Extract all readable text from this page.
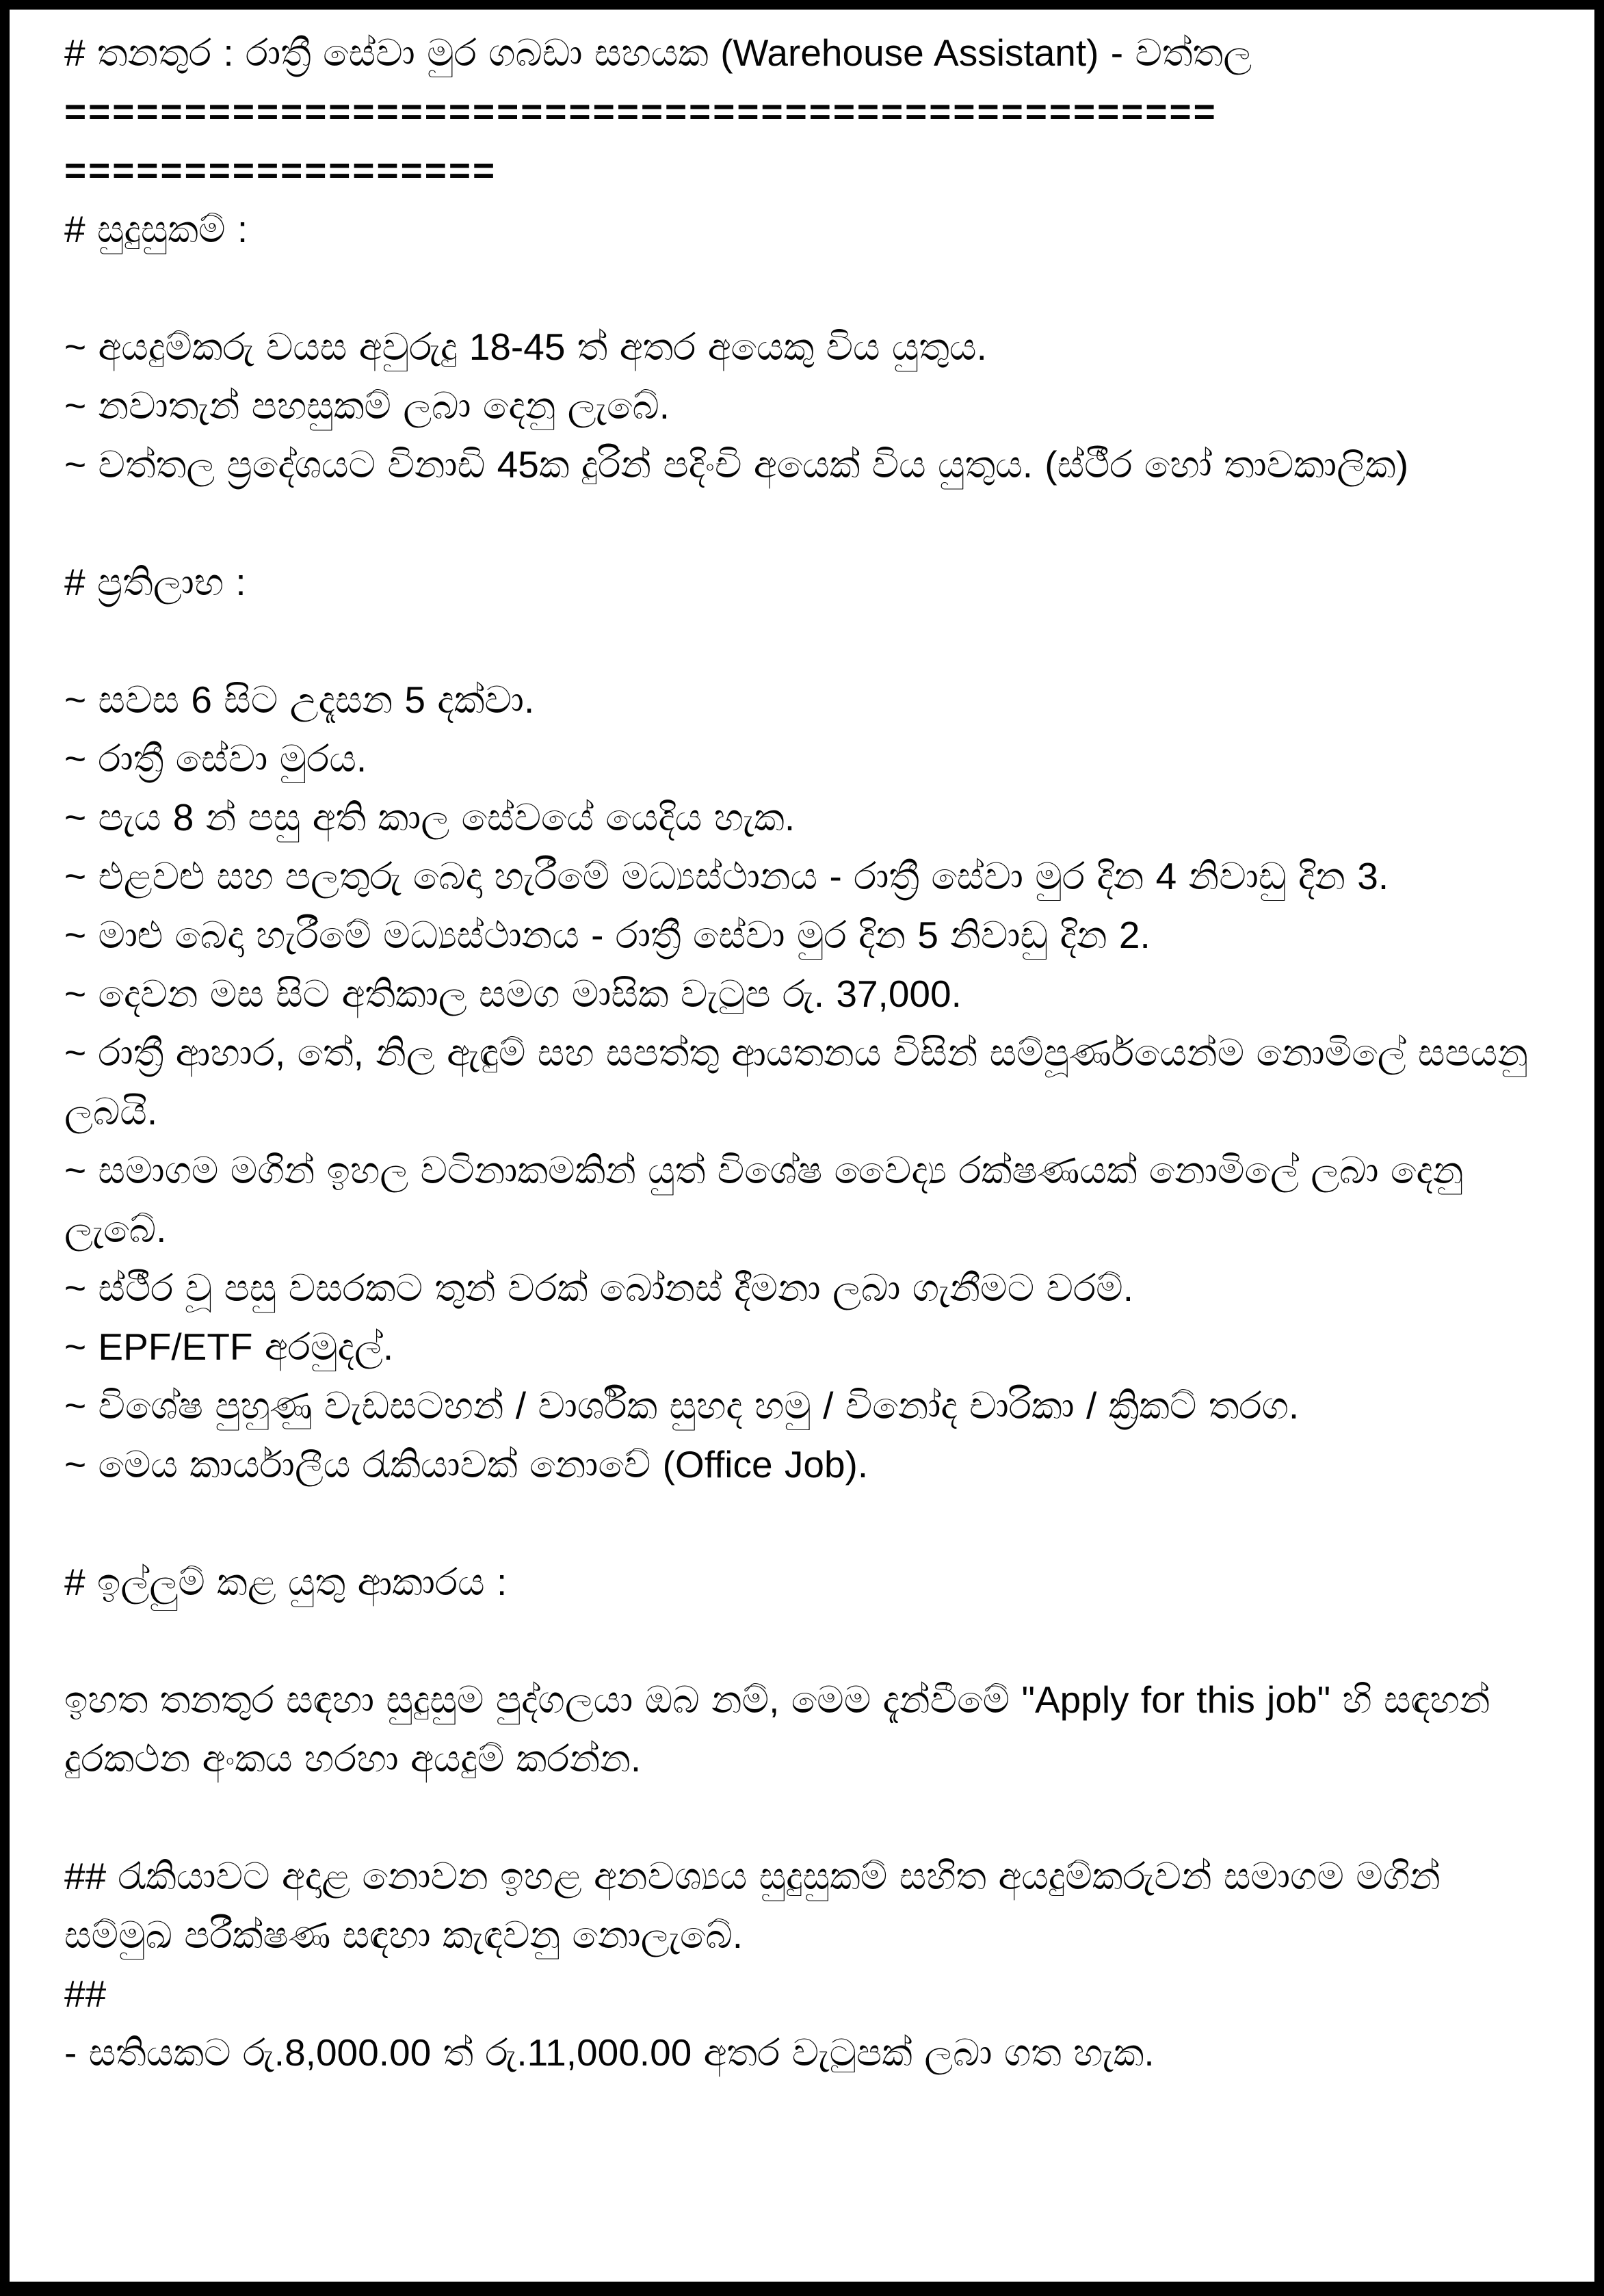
# තනතුර : රාත්‍රී සේවා මුර ගබඩා සහයක (Warehouse Assistant) - වත්තල

================================================

==================

# සුදුසුකම් :

~ අයදුම්කරු වයස අවුරුදු 18-45 ත් අතර අයෙකු විය යුතුය.

~ නවාතැන් පහසුකම් ලබා දෙනු ලැබේ.

~ වත්තල ප්‍රදේශයට විනාඩි 45ක දුරින් පදිංචි අයෙක් විය යුතුය. (ස්ථීර හෝ තාවකාලික)

# ප්‍රතිලාභ :

~ සවස 6 සිට උදෑසන 5 දක්වා.

~ රාත්‍රී සේවා මුරය.

~ පැය 8 න් පසු අති කාල සේවයේ යෙදිය හැක.

~ එළවළු සහ පලතුරු බෙදා හැරීමේ මධ්‍යස්ථානය - රාත්‍රී සේවා මුර දින 4 නිවාඩු දින 3.

~ මාළු බෙදා හැරීමේ මධ්‍යස්ථානය - රාත්‍රී සේවා මුර දින 5 නිවාඩු දින 2.

~ දෙවන මස සිට අතිකාල සමග මාසික වැටුප රු. 37,000.

~ රාත්‍රී ආහාර, තේ, නිල ඇඳුම් සහ සපත්තු ආයතනය විසින් සම්පූර්ණයෙන්ම නොමිලේ සපයනු ලබයි.

~ සමාගම මගින් ඉහල වටිනාකමකින් යුත් විශේෂ වෛද්‍ය රක්ෂණයක් නොමිලේ ලබා දෙනු ලැබේ.

~ ස්ථීර වූ පසු වසරකට තුන් වරක් බෝනස් දීමනා ලබා ගැනීමට වරම්.

~ EPF/ETF අරමුදල්.

~ විශේෂ පුහුණු වැඩසටහන් / වාර්ශික සුහද හමු / විනෝද චාරිකා / ක්‍රිකට් තරග.

~ මෙය කාර්යාලීය රැකියාවක් නොවේ (Office Job).

# ඉල්ලුම් කළ යුතු ආකාරය :

ඉහත තනතුර සඳහා සුදුසුම පුද්ගලයා ඔබ නම්, මෙම දැන්වීමේ "Apply for this job" හි සඳහන් දුරකථන අංකය හරහා අයදුම් කරන්න.

## රැකියාවට අදාළ නොවන ඉහළ අනවශ්‍යය සුදුසුකම් සහිත අයදුම්කරුවන් සමාගම මගින් සම්මුඛ පරීක්ෂණ සඳහා කැඳවනු නොලැබේ.

##

- සතියකට රු.8,000.00 ත් රු.11,000.00 අතර වැටුපක් ලබා ගත හැක.
